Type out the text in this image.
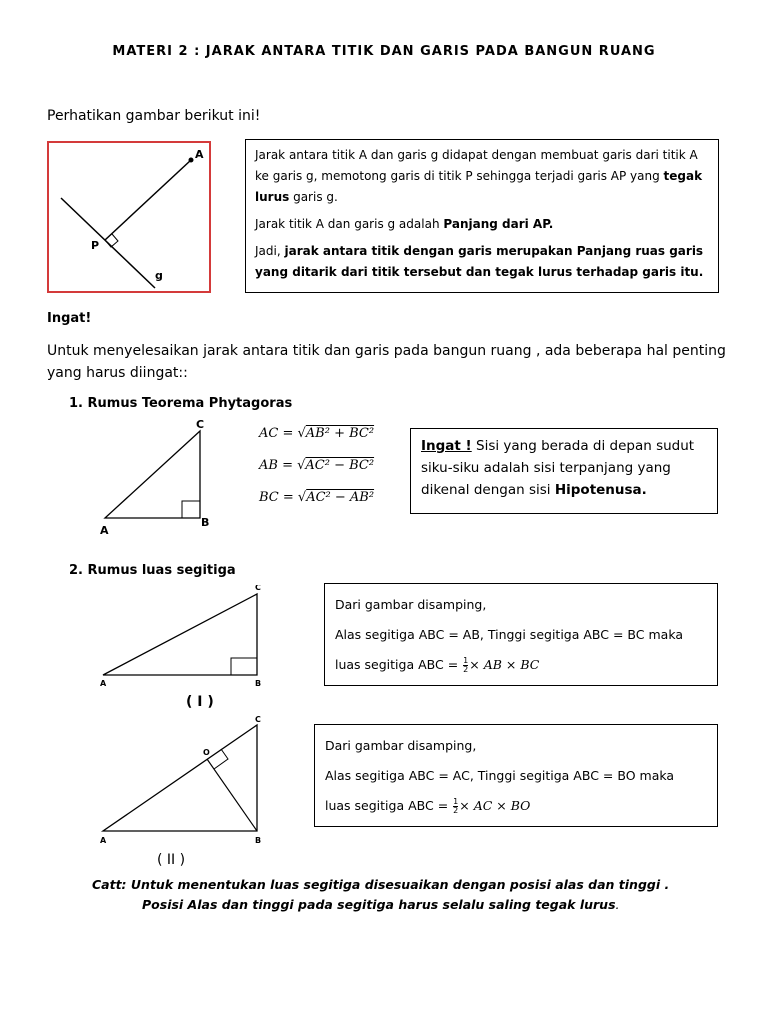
MATERI 2 : JARAK ANTARA TITIK DAN GARIS PADA BANGUN RUANG
Perhatikan gambar berikut ini!
A
P
g

Jarak antara titik A dan garis g didapat dengan membuat garis dari titik A ke garis g, memotong garis di titik P sehingga terjadi garis AP yang tegak lurus garis g.

Jarak titik A dan garis g adalah Panjang dari AP.

Jadi, jarak antara titik dengan garis merupakan Panjang ruas garis yang ditarik dari titik tersebut dan tegak lurus terhadap garis itu.

Ingat!
Untuk menyelesaikan jarak antara titik dan garis pada bangun ruang , ada beberapa hal penting yang harus diingat::
1. Rumus Teorema Phytagoras
C
A
B
AC = √AB² + BC²
AB = √AC² − BC²
BC = √AC² − AB²
Ingat ! Sisi yang berada di depan sudut siku-siku adalah sisi terpanjang yang dikenal dengan sisi Hipotenusa.
2. Rumus luas segitiga
C
A	B
( I )
Dari gambar disamping,
Alas segitiga ABC = AB, Tinggi segitiga ABC = BC maka
luas segitiga ABC = $\frac{1}{2}$ × AB × BC
C
O
A	B
( II )
Dari gambar disamping,
Alas segitiga ABC = AC, Tinggi segitiga ABC = BO maka
luas segitiga ABC = $\frac{1}{2}$ × AC × BO
Catt: Untuk menentukan luas segitiga disesuaikan dengan posisi alas dan tinggi .
Posisi Alas dan tinggi pada segitiga harus selalu saling tegak lurus.
